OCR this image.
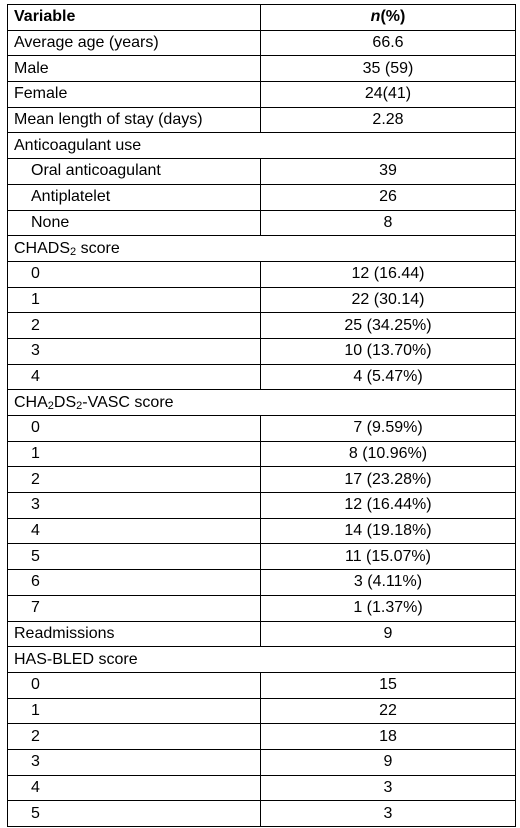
Variable	n(%)
Average age (years)	66.6
Male	35 (59)
Female	24(41)
Mean length of stay (days)	2.28
Anticoagulant use	
Oral anticoagulant	39
Antiplatelet	26
None	8
$CHADS_2$ score	
0	12 (16.44)
1	22 (30.14)
2	25 (34.25%)
3	10 (13.70%)
4	4 (5.47%)
$CHA_2DS_2$-VASC score	
0	7 (9.59%)
1	8 (10.96%)
2	17 (23.28%)
3	12 (16.44%)
4	14 (19.18%)
5	11 (15.07%)
6	3 (4.11%)
7	1 (1.37%)
Readmissions	9
HAS-BLED score	
0	15
1	22
2	18
3	9
4	3
5	3
